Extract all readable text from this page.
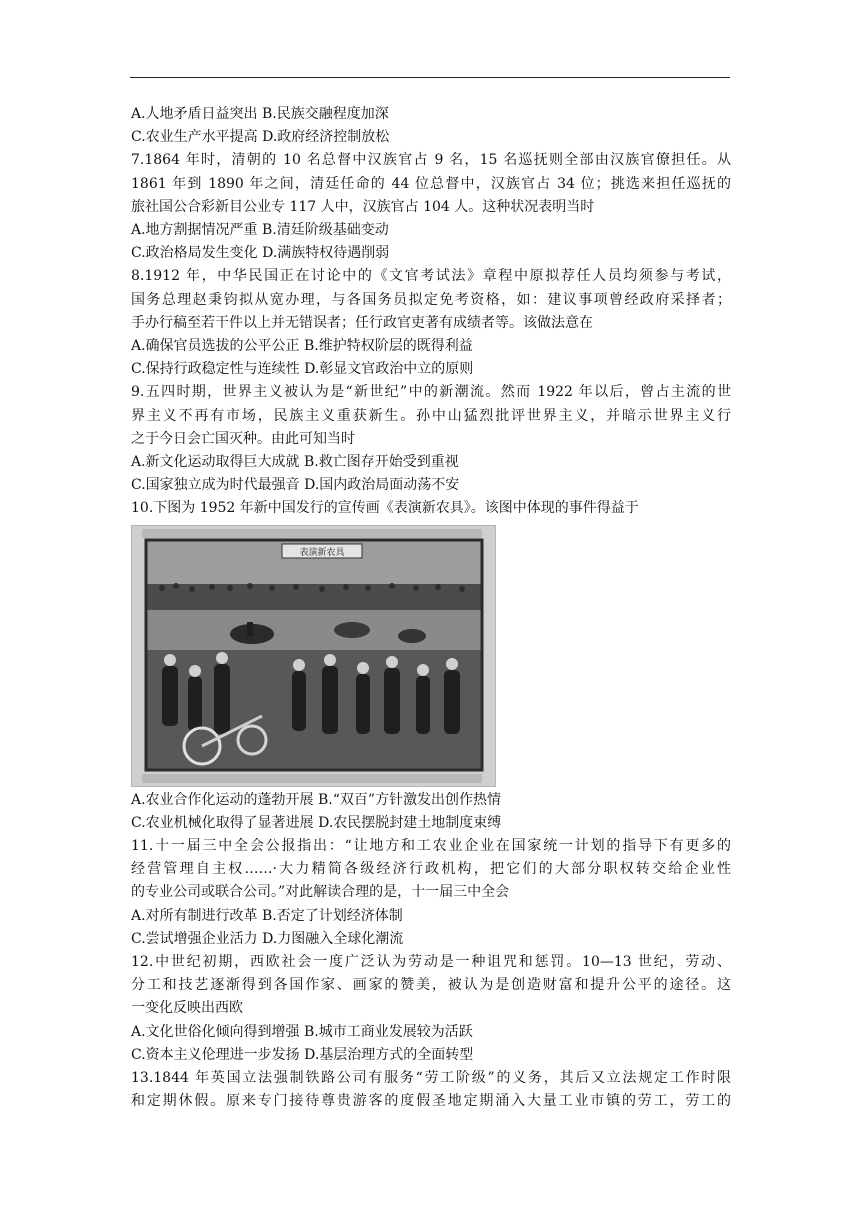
A.人地矛盾日益突出 B.民族交融程度加深
C.农业生产水平提高 D.政府经济控制放松
7.1864 年时，清朝的 10 名总督中汉族官占 9 名，15 名巡抚则全部由汉族官僚担任。从
1861 年到 1890 年之间，清廷任命的 44 位总督中，汉族官占 34 位；挑选来担任巡抚的
旅社国公合彩新目公业专 117 人中，汉族官占 104 人。这种状况表明当时
A.地方割据情况严重 B.清廷阶级基础变动
C.政治格局发生变化 D.满族特权待遇削弱
8.1912 年，中华民国正在讨论中的《文官考试法》章程中原拟荐任人员均须参与考试，
国务总理赵秉钧拟从宽办理，与各国务员拟定免考资格，如：建议事项曾经政府采择者；
手办行稿至若干件以上并无错误者；任行政官吏著有成绩者等。该做法意在
A.确保官员选拔的公平公正 B.维护特权阶层的既得利益
C.保持行政稳定性与连续性 D.彰显文官政治中立的原则
9.五四时期，世界主义被认为是“新世纪”中的新潮流。然而 1922 年以后，曾占主流的世
界主义不再有市场，民族主义重获新生。孙中山猛烈批评世界主义，并暗示世界主义行
之于今日会亡国灭种。由此可知当时
A.新文化运动取得巨大成就 B.救亡图存开始受到重视
C.国家独立成为时代最强音 D.国内政治局面动荡不安
10.下图为 1952 年新中国发行的宣传画《表演新农具》。该图中体现的事件得益于
表演新农具
A.农业合作化运动的蓬勃开展 B.“双百”方针激发出创作热情
C.农业机械化取得了显著进展 D.农民摆脱封建土地制度束缚
11.十一届三中全会公报指出：“让地方和工农业企业在国家统一计划的指导下有更多的
经营管理自主权……·大力精简各级经济行政机构，把它们的大部分职权转交给企业性
的专业公司或联合公司。”对此解读合理的是，十一届三中全会
A.对所有制进行改革 B.否定了计划经济体制
C.尝试增强企业活力 D.力图融入全球化潮流
12.中世纪初期，西欧社会一度广泛认为劳动是一种诅咒和惩罚。10—13 世纪，劳动、
分工和技艺逐渐得到各国作家、画家的赞美，被认为是创造财富和提升公平的途径。这
一变化反映出西欧
A.文化世俗化倾向得到增强 B.城市工商业发展较为活跃
C.资本主义伦理进一步发扬 D.基层治理方式的全面转型
13.1844 年英国立法强制铁路公司有服务“劳工阶级”的义务，其后又立法规定工作时限
和定期休假。原来专门接待尊贵游客的度假圣地定期涌入大量工业市镇的劳工，劳工的
